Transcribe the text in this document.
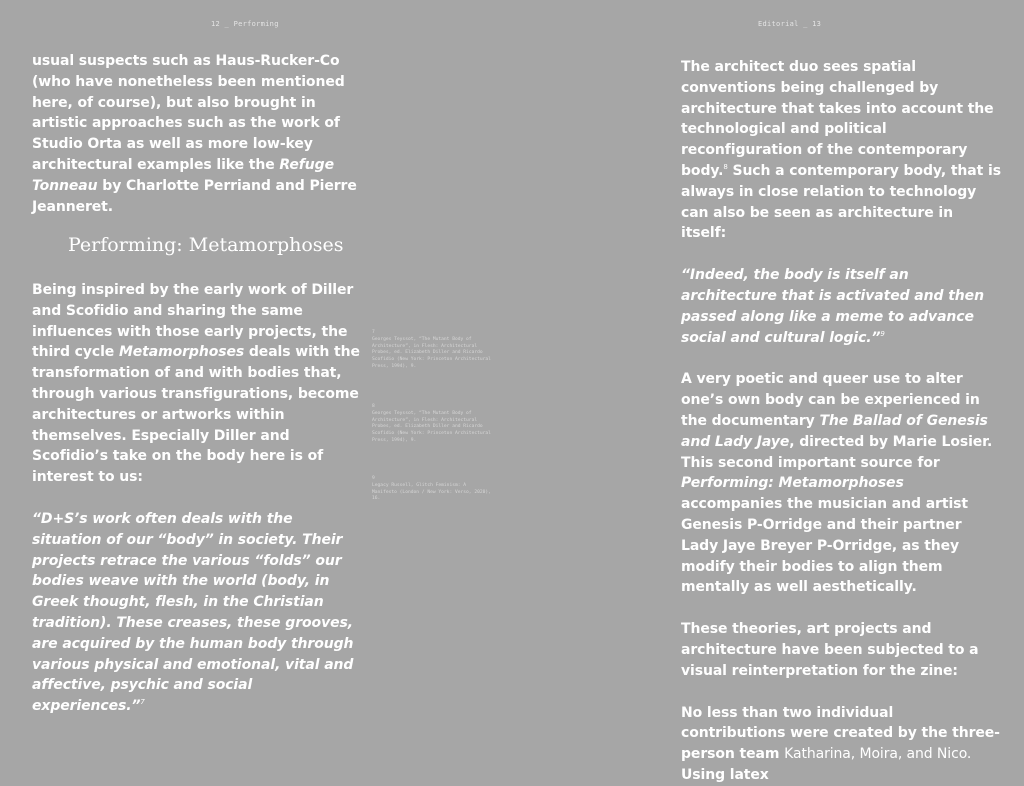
12 _ Performing	Editorial _ 13

usual suspects such as Haus-Rucker-Co (who have nonetheless been mentioned here, of course), but also brought in artistic approaches such as the work of Studio Orta as well as more low-key architectural examples like the Refuge Tonneau by Charlotte Perriand and Pierre Jeanneret.

Performing: Metamorphoses

Being inspired by the early work of Diller and Scofidio and sharing the same influences with those early projects, the third cycle Metamorphoses deals with the transformation of and with bodies that, through various transfigurations, become architectures or artworks within themselves. Especially Diller and Scofidio’s take on the body here is of interest to us:

“D+S’s work often deals with the situation of our “body” in society. Their projects retrace the various “folds” our bodies weave with the world (body, in Greek thought, flesh, in the Christian tradition). These creases, these grooves, are acquired by the human body through various physical and emotional, vital and affective, psychic and social experiences.”$^7$

7
Georges Teyssot, “The Mutant Body of Architecture”, in Flesh: Architectural Probes, ed. Elizabeth Diller and Ricardo Scofidio (New York: Princeton Architectural Press, 1994), 9.
8
Georges Teyssot, “The Mutant Body of Architecture”, in Flesh: Architectural Probes, ed. Elizabeth Diller and Ricardo Scofidio (New York: Princeton Architectural Press, 1994), 9.
9
Legacy Russell, Glitch Feminism: A Manifesto (London / New York: Verso, 2020), 16.

The architect duo sees spatial conventions being challenged by architecture that takes into account the technological and political reconfiguration of the contemporary body.$^8$ Such a contemporary body, that is always in close relation to technology can also be seen as architecture in itself:

“Indeed, the body is itself an architecture that is activated and then passed along like a meme to advance social and cultural logic.”$^9$

A very poetic and queer use to alter one’s own body can be experienced in the documentary The Ballad of Genesis and Lady Jaye, directed by Marie Losier. This second important source for Performing: Metamorphoses accompanies the musician and artist Genesis P-Orridge and their partner Lady Jaye Breyer P-Orridge, as they modify their bodies to align them mentally as well aesthetically.

These theories, art projects and architecture have been subjected to a visual reinterpretation for the zine:

No less than two individual contributions were created by the three-person team Katharina, Moira, and Nico. Using latex
